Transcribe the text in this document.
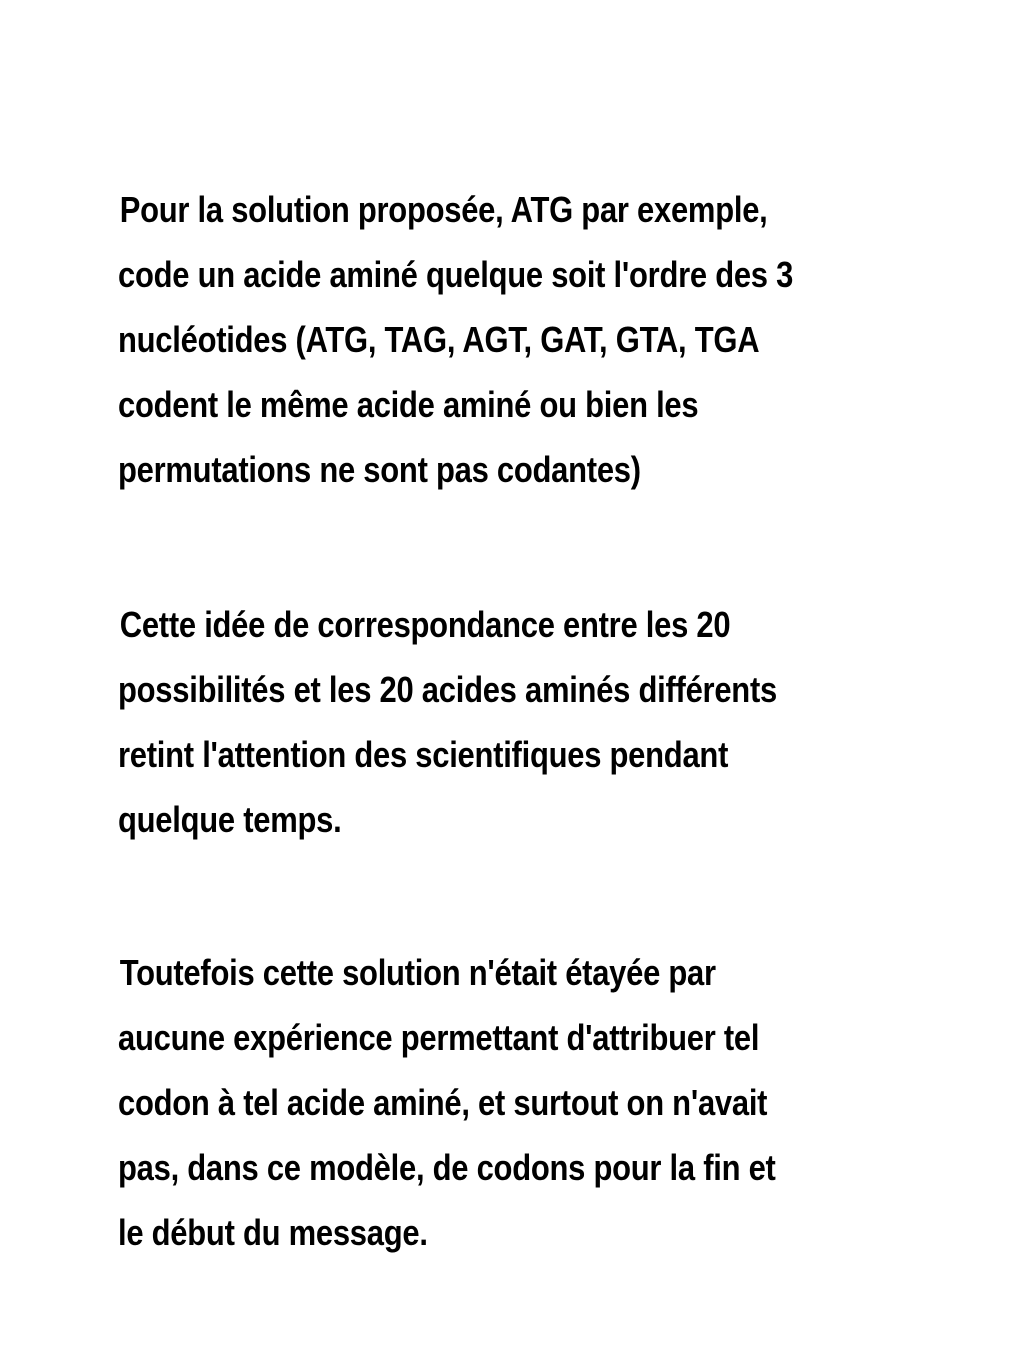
Pour la solution proposée, ATG par exemple,
code un acide aminé quelque soit l'ordre des 3
nucléotides (ATG, TAG, AGT, GAT, GTA, TGA
codent le même acide aminé ou bien les
permutations ne sont pas codantes)

Cette idée de correspondance entre les 20
possibilités et les 20 acides aminés différents
retint l'attention des scientifiques pendant
quelque temps.

Toutefois cette solution n'était étayée par
aucune expérience permettant d'attribuer tel
codon à tel acide aminé, et surtout on n'avait
pas, dans ce modèle, de codons pour la fin et
le début du message.
